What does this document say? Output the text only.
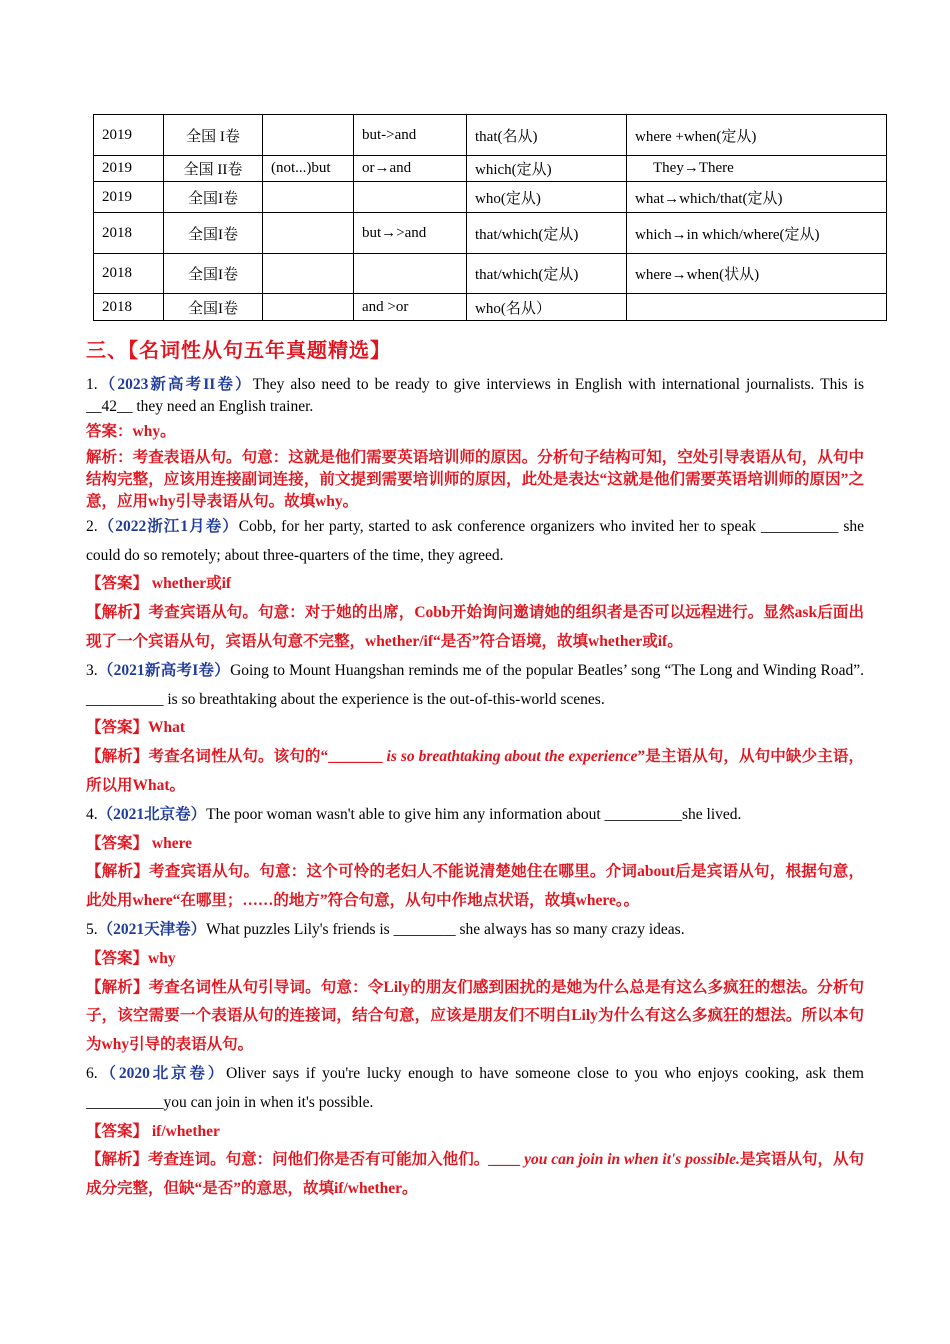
2019	全国 I卷		but->and	that(名从)	where +when(定从)
2019	全国 II卷	(not...)but	or→and	which(定从)	They→There
2019	全国I卷			who(定从)	what→which/that(定从)
2018	全国I卷		but→>and	that/which(定从)	which→in which/where(定从)
2018	全国I卷			that/which(定从)	where→when(状从)
2018	全国I卷		and >or	who(名从）	
三、【名词性从句五年真题精选】

1.（2023新高考II卷）They also need to be ready to give interviews in English with international journalists. This is __42__ they need an English trainer.

答案：why。

解析：考查表语从句。句意：这就是他们需要英语培训师的原因。分析句子结构可知，空处引导表语从句，从句中结构完整，应该用连接副词连接，前文提到需要培训师的原因，此处是表达“这就是他们需要英语培训师的原因”之意，应用why引导表语从句。故填why。

2.（2022浙江1月卷）Cobb, for her party, started to ask conference organizers who invited her to speak __________ she could do so remotely; about three-quarters of the time, they agreed.

【答案】 whether或if

【解析】考查宾语从句。句意：对于她的出席，Cobb开始询问邀请她的组织者是否可以远程进行。显然ask后面出现了一个宾语从句，宾语从句意不完整，whether/if“是否”符合语境，故填whether或if。

3.（2021新高考I卷）Going to Mount Huangshan reminds me of the popular Beatles’ song “The Long and Winding Road”. __________ is so breathtaking about the experience is the out-of-this-world scenes.

【答案】What

【解析】考查名词性从句。该句的“_______ is so breathtaking about the experience”是主语从句，从句中缺少主语，所以用What。

4.（2021北京卷）The poor woman wasn't able to give him any information about __________she lived.

【答案】 where

【解析】考查宾语从句。句意：这个可怜的老妇人不能说清楚她住在哪里。介词about后是宾语从句，根据句意，此处用where“在哪里；……的地方”符合句意，从句中作地点状语，故填where。。

5.（2021天津卷）What puzzles Lily's friends is ________ she always has so many crazy ideas.

【答案】why

【解析】考查名词性从句引导词。句意：令Lily的朋友们感到困扰的是她为什么总是有这么多疯狂的想法。分析句子，该空需要一个表语从句的连接词，结合句意，应该是朋友们不明白Lily为什么有这么多疯狂的想法。所以本句为why引导的表语从句。

6.（2020北京卷）Oliver says if you're lucky enough to have someone close to you who enjoys cooking, ask them __________you can join in when it's possible.

【答案】 if/whether

【解析】考查连词。句意：问他们你是否有可能加入他们。____ you can join in when it's possible.是宾语从句，从句成分完整，但缺“是否”的意思，故填if/whether。
